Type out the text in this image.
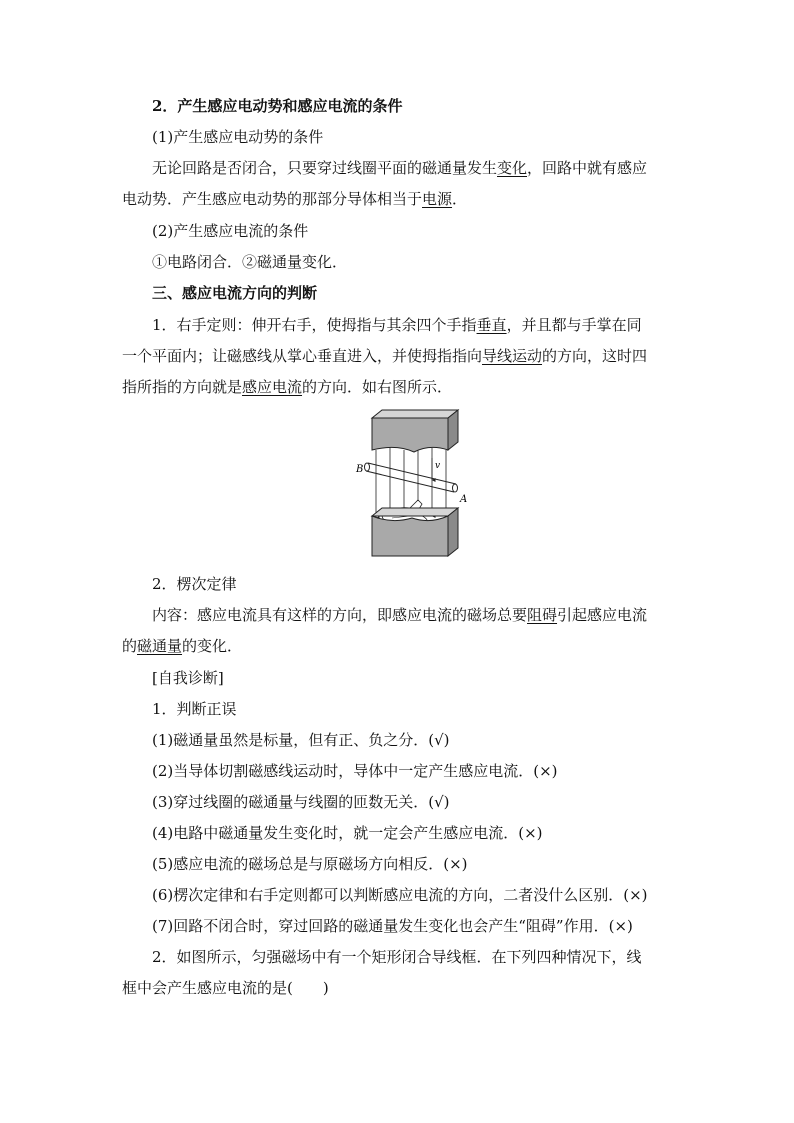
2．产生感应电动势和感应电流的条件
(1)产生感应电动势的条件
无论回路是否闭合，只要穿过线圈平面的磁通量发生变化，回路中就有感应
电动势．产生感应电动势的那部分导体相当于电源．
(2)产生感应电流的条件
①电路闭合．②磁通量变化．
三、感应电流方向的判断
1．右手定则：伸开右手，使拇指与其余四个手指垂直，并且都与手掌在同
一个平面内；让磁感线从掌心垂直进入，并使拇指指向导线运动的方向，这时四
指所指的方向就是感应电流的方向．如右图所示．
B	v
A
2．楞次定律
内容：感应电流具有这样的方向，即感应电流的磁场总要阻碍引起感应电流
的磁通量的变化．
[自我诊断]
1．判断正误
(1)磁通量虽然是标量，但有正、负之分．(√)
(2)当导体切割磁感线运动时，导体中一定产生感应电流．(×)
(3)穿过线圈的磁通量与线圈的匝数无关．(√)
(4)电路中磁通量发生变化时，就一定会产生感应电流．(×)
(5)感应电流的磁场总是与原磁场方向相反．(×)
(6)楞次定律和右手定则都可以判断感应电流的方向，二者没什么区别．(×)
(7)回路不闭合时，穿过回路的磁通量发生变化也会产生“阻碍”作用．(×)
2．如图所示，匀强磁场中有一个矩形闭合导线框．在下列四种情况下，线
框中会产生感应电流的是(　　)
